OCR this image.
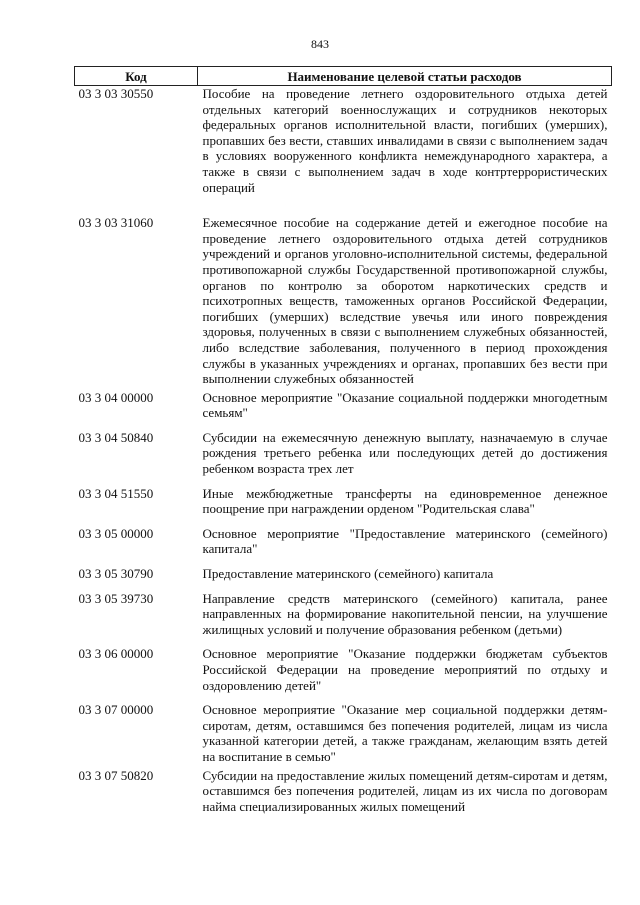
843
Код	Наименование целевой статьи расходов
03 3 03 30550	Пособие на проведение летнего оздоровительного отдыха детей отдельных категорий военнослужащих и сотрудников некоторых федеральных органов исполнительной власти, погибших (умерших), пропавших без вести, ставших инвалидами в связи с выполнением задач в условиях вооруженного конфликта немеждународного характера, а также в связи с выполнением задач в ходе контртеррористических операций
03 3 03 31060	Ежемесячное пособие на содержание детей и ежегодное пособие на проведение летнего оздоровительного отдыха детей сотрудников учреждений и органов уголовно-исполнительной системы, федеральной противопожарной службы Государственной противопожарной службы, органов по контролю за оборотом наркотических средств и психотропных веществ, таможенных органов Российской Федерации, погибших (умерших) вследствие увечья или иного повреждения здоровья, полученных в связи с выполнением служебных обязанностей, либо вследствие заболевания, полученного в период прохождения службы в указанных учреждениях и органах, пропавших без вести при выполнении служебных обязанностей
03 3 04 00000	Основное мероприятие "Оказание социальной поддержки многодетным семьям"
03 3 04 50840	Субсидии на ежемесячную денежную выплату, назначаемую в случае рождения третьего ребенка или последующих детей до достижения ребенком возраста трех лет
03 3 04 51550	Иные межбюджетные трансферты на единовременное денежное поощрение при награждении орденом "Родительская слава"
03 3 05 00000	Основное мероприятие "Предоставление материнского (семейного) капитала"
03 3 05 30790	Предоставление материнского (семейного) капитала
03 3 05 39730	Направление средств материнского (семейного) капитала, ранее направленных на формирование накопительной пенсии, на улучшение жилищных условий и получение образования ребенком (детьми)
03 3 06 00000	Основное мероприятие "Оказание поддержки бюджетам субъектов Российской Федерации на проведение мероприятий по отдыху и оздоровлению детей"
03 3 07 00000	Основное мероприятие "Оказание мер социальной поддержки детям-сиротам, детям, оставшимся без попечения родителей, лицам из числа указанной категории детей, а также гражданам, желающим взять детей на воспитание в семью"
03 3 07 50820	Субсидии на предоставление жилых помещений детям-сиротам и детям, оставшимся без попечения родителей, лицам из их числа по договорам найма специализированных жилых помещений
